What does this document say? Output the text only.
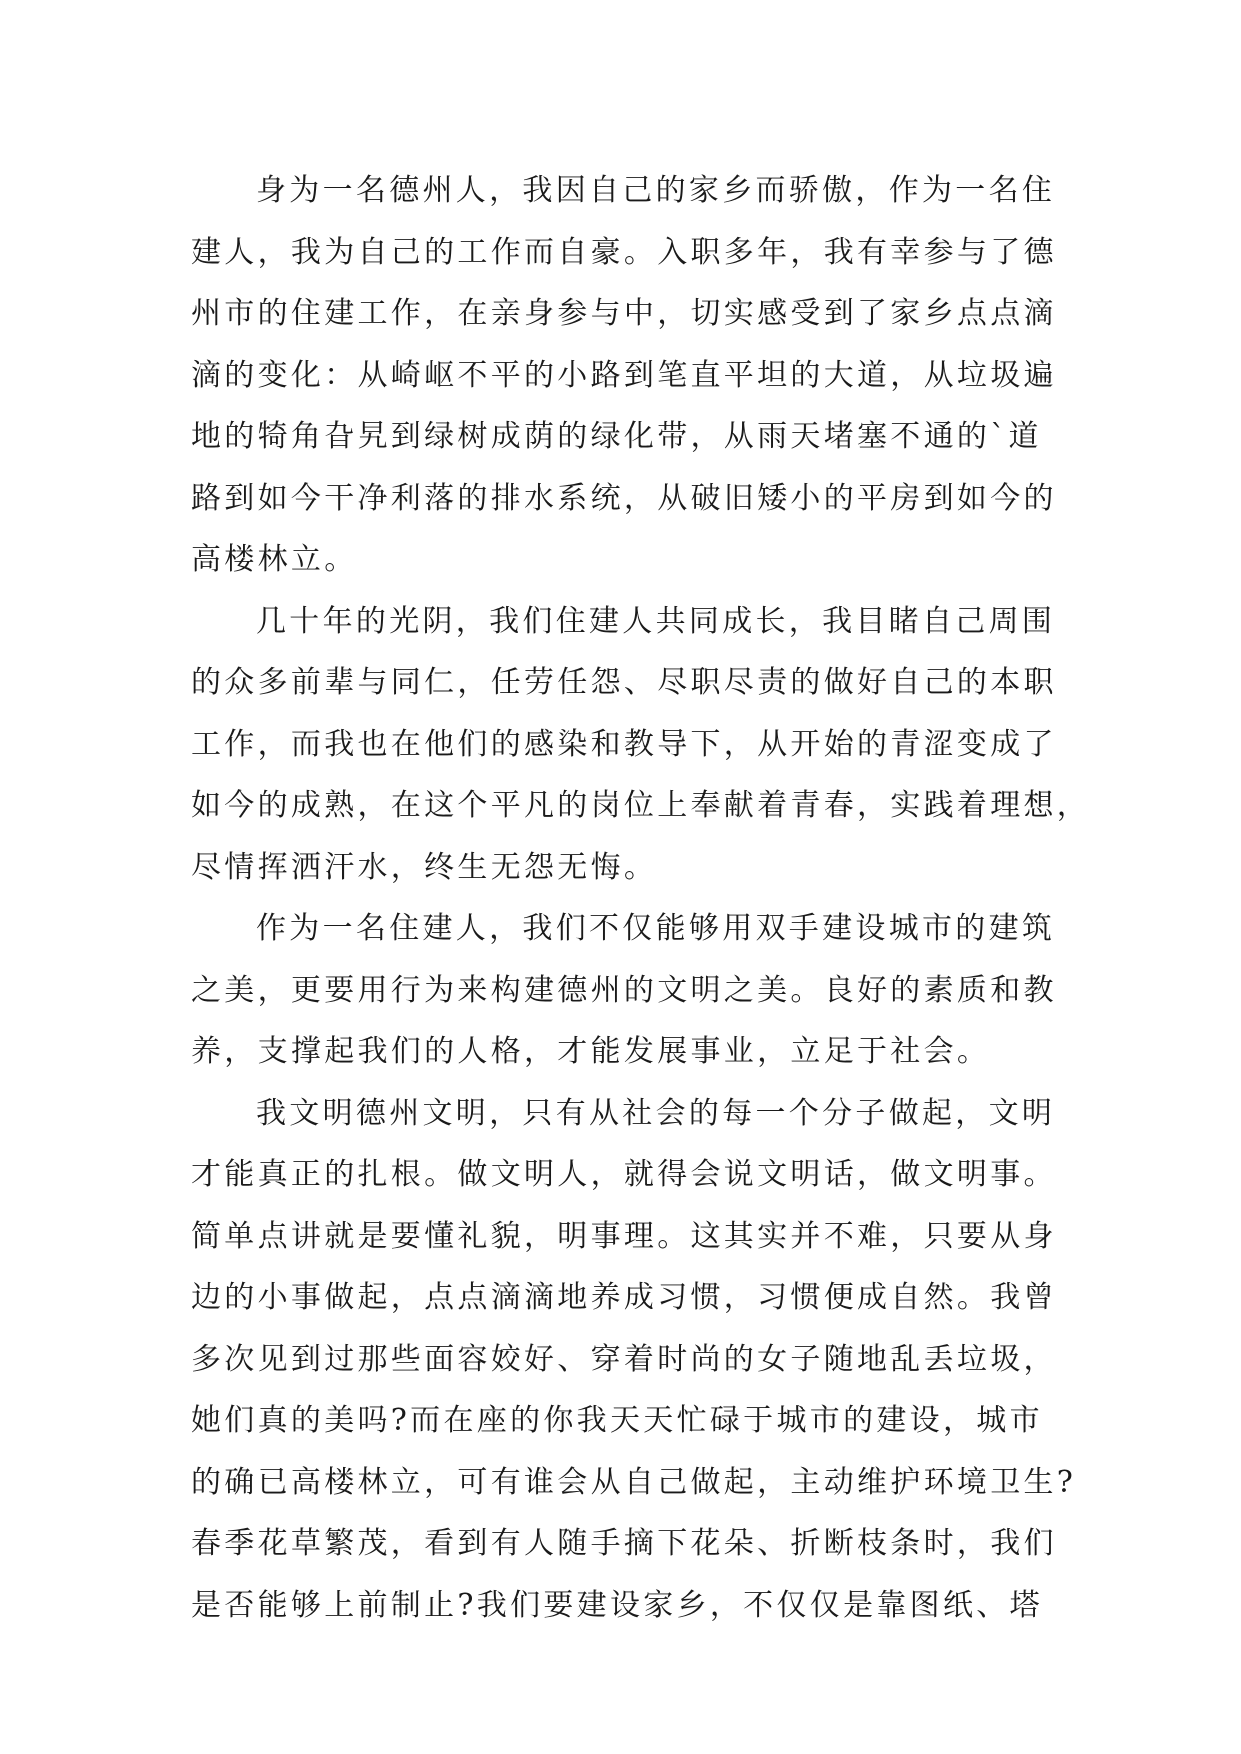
身为一名德州人，我因自己的家乡而骄傲，作为一名住
建人，我为自己的工作而自豪。入职多年，我有幸参与了德
州市的住建工作，在亲身参与中，切实感受到了家乡点点滴
滴的变化：从崎岖不平的小路到笔直平坦的大道，从垃圾遍
地的犄角旮旯到绿树成荫的绿化带，从雨天堵塞不通的`道
路到如今干净利落的排水系统，从破旧矮小的平房到如今的
高楼林立。
几十年的光阴，我们住建人共同成长，我目睹自己周围
的众多前辈与同仁，任劳任怨、尽职尽责的做好自己的本职
工作，而我也在他们的感染和教导下，从开始的青涩变成了
如今的成熟，在这个平凡的岗位上奉献着青春，实践着理想，
尽情挥洒汗水，终生无怨无悔。
作为一名住建人，我们不仅能够用双手建设城市的建筑
之美，更要用行为来构建德州的文明之美。良好的素质和教
养，支撑起我们的人格，才能发展事业，立足于社会。
我文明德州文明，只有从社会的每一个分子做起，文明
才能真正的扎根。做文明人，就得会说文明话，做文明事。
简单点讲就是要懂礼貌，明事理。这其实并不难，只要从身
边的小事做起，点点滴滴地养成习惯，习惯便成自然。我曾
多次见到过那些面容姣好、穿着时尚的女子随地乱丢垃圾，
她们真的美吗?而在座的你我天天忙碌于城市的建设，城市
的确已高楼林立，可有谁会从自己做起，主动维护环境卫生?
春季花草繁茂，看到有人随手摘下花朵、折断枝条时，我们
是否能够上前制止?我们要建设家乡，不仅仅是靠图纸、塔
